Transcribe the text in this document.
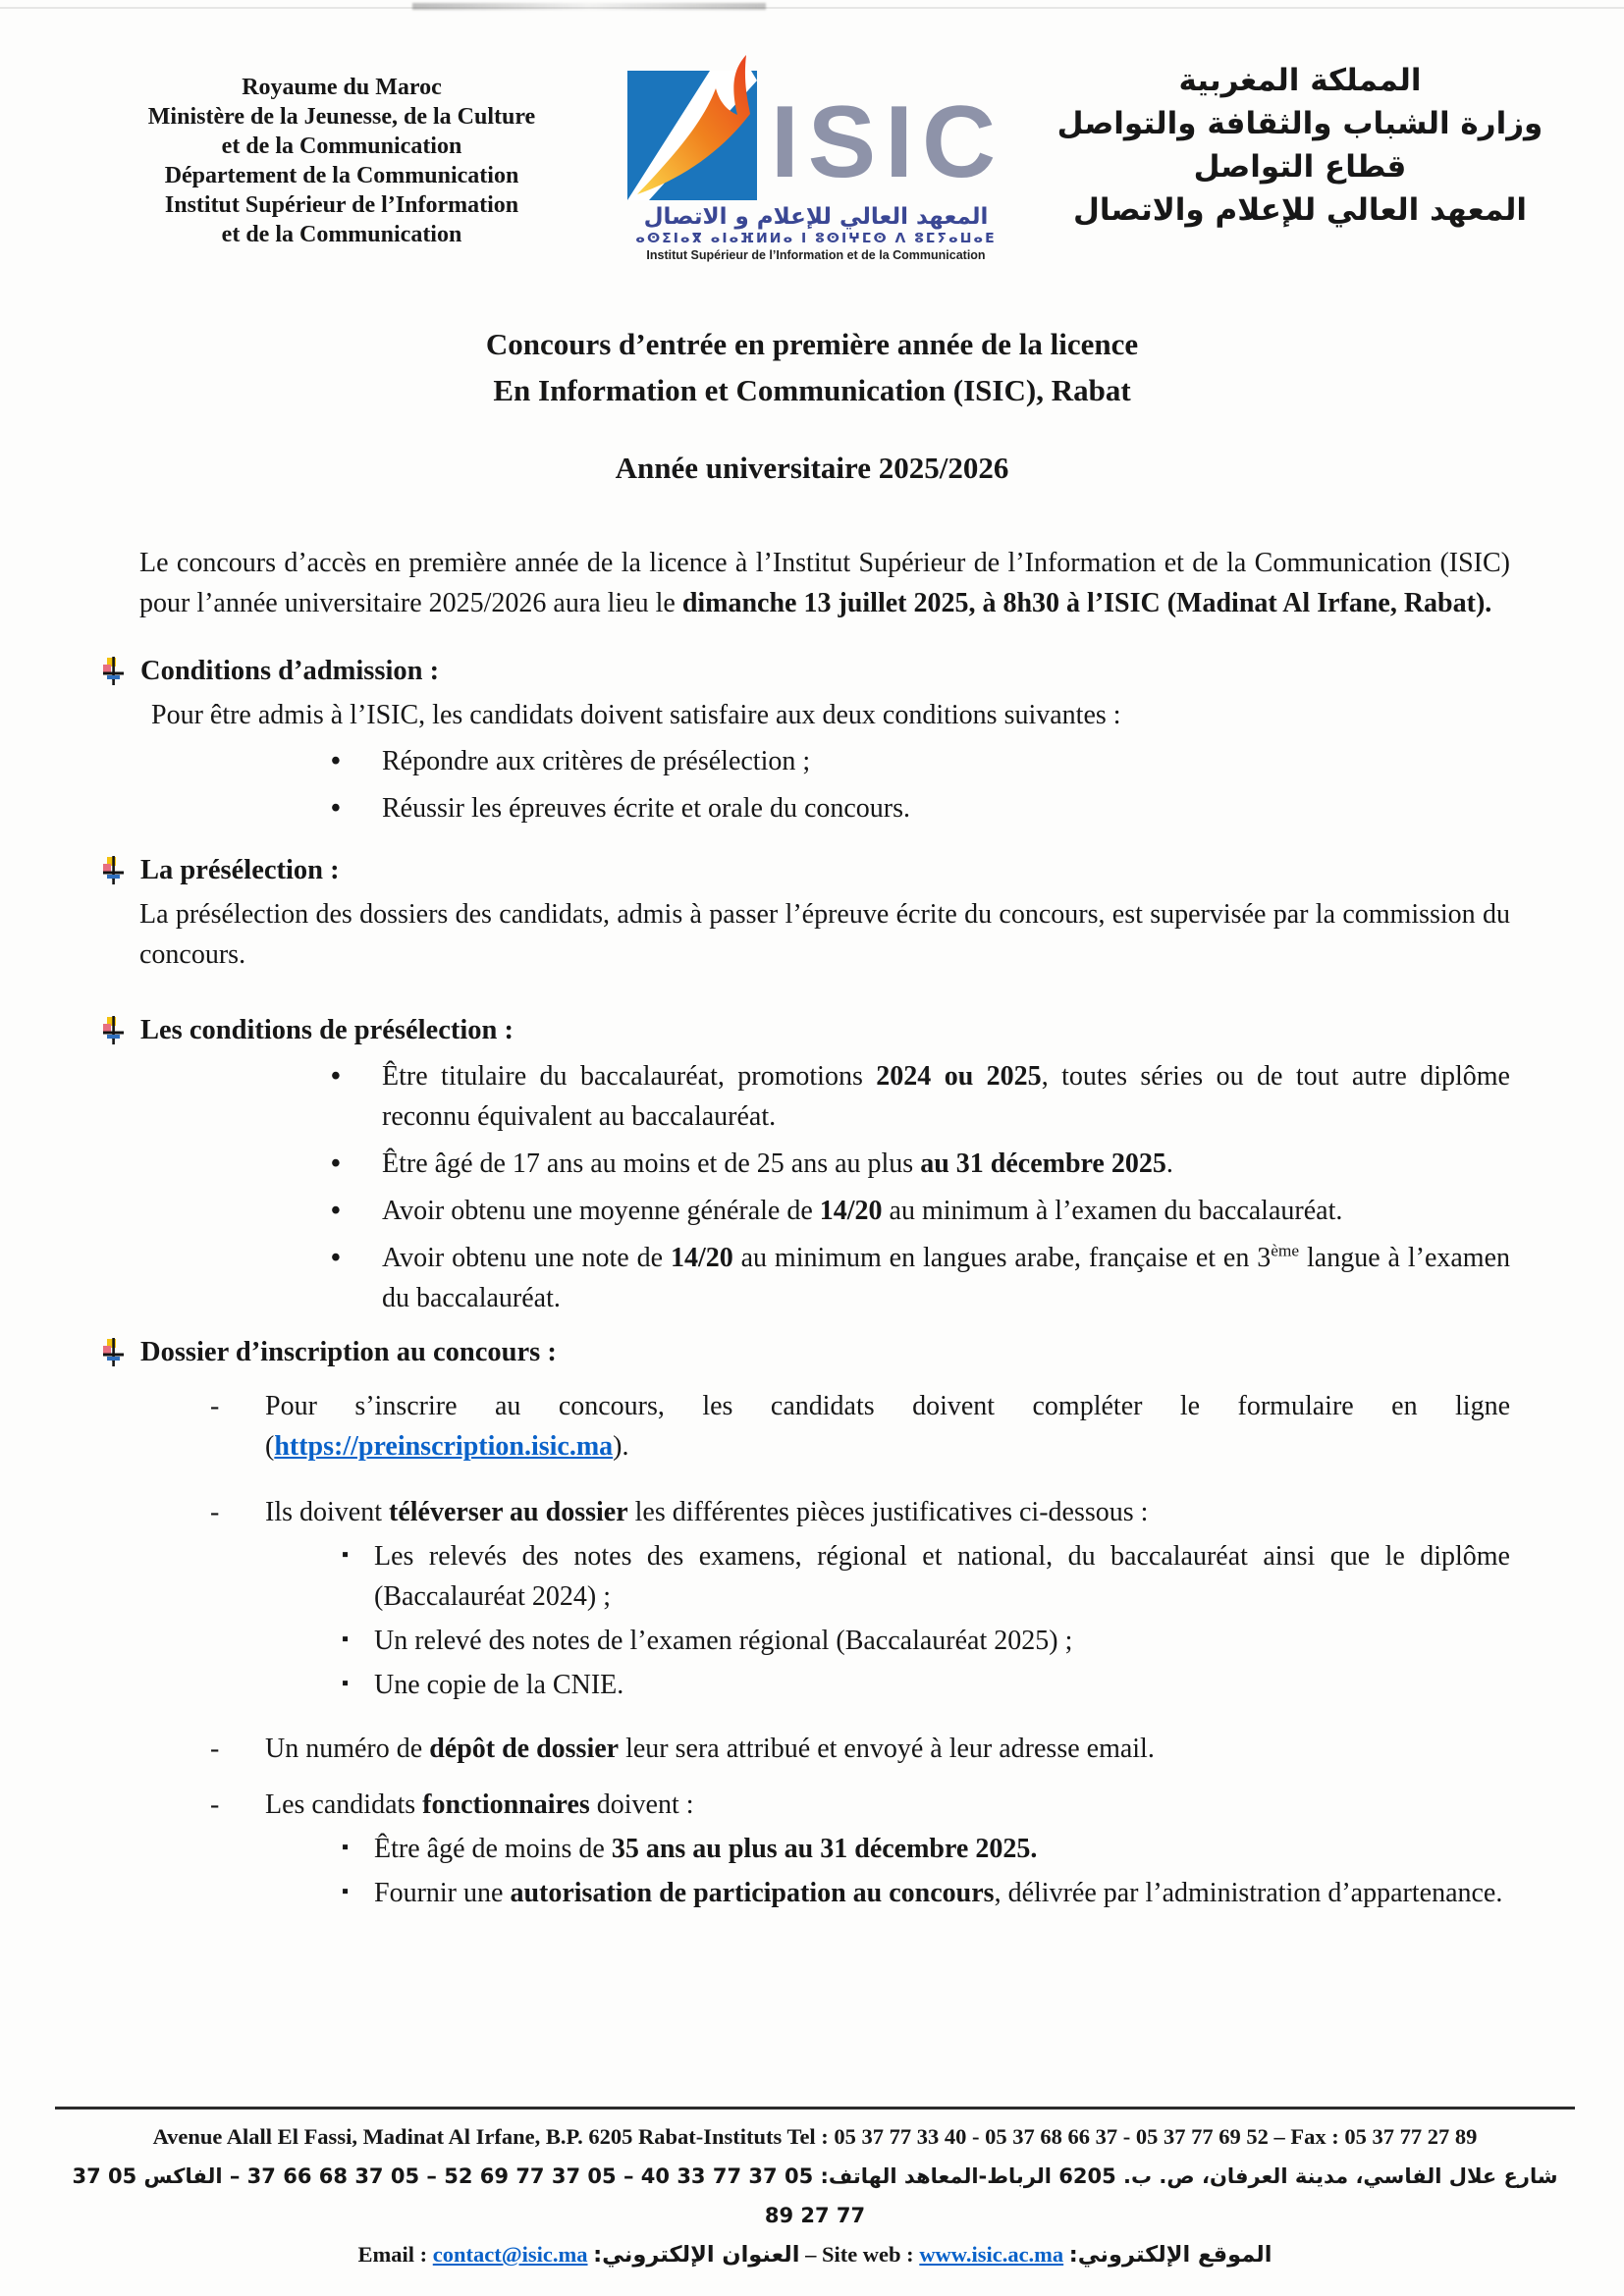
Royaume du Maroc
Ministère de la Jeunesse, de la Culture
et de la Communication
Département de la Communication
Institut Supérieur de l’Information
et de la Communication
ISIC
المعهد العالي للإعلام و الاتصال
ⴰⵙⵉⵏⴰⴳ ⴰⵏⴰⴼⵍⵍⴰ ⵏ ⵓⵙⵏⵖⵎⵙ ⴷ ⵓⵎⵢⴰⵡⴰⴹ
Institut Supérieur de l’Information et de la Communication
المملكة المغربية
وزارة الشباب والثقافة والتواصل
قطاع التواصل
المعهد العالي للإعلام والاتصال
Concours d’entrée en première année de la licence
En Information et Communication (ISIC), Rabat
Année universitaire 2025/2026

Le concours d’accès en première année de la licence à l’Institut Supérieur de l’Information et de la Communication (ISIC) pour l’année universitaire 2025/2026 aura lieu le dimanche 13 juillet 2025, à 8h30 à l’ISIC (Madinat Al Irfane, Rabat).

Conditions d’admission :
Pour être admis à l’ISIC, les candidats doivent satisfaire aux deux conditions suivantes :
• Répondre aux critères de présélection ;
• Réussir les épreuves écrite et orale du concours.
La présélection :

La présélection des dossiers des candidats, admis à passer l’épreuve écrite du concours, est supervisée par la commission du concours.

Les conditions de présélection :
• Être titulaire du baccalauréat, promotions 2024 ou 2025, toutes séries ou de tout autre diplôme reconnu équivalent au baccalauréat.
• Être âgé de 17 ans au moins et de 25 ans au plus au 31 décembre 2025.
• Avoir obtenu une moyenne générale de 14/20 au minimum à l’examen du baccalauréat.
• Avoir obtenu une note de 14/20 au minimum en langues arabe, française et en 3ème langue à l’examen du baccalauréat.
Dossier d’inscription au concours :
- Pour s’inscrire au concours, les candidats doivent compléter le formulaire en ligne (https://preinscription.isic.ma).
- Ils doivent téléverser au dossier les différentes pièces justificatives ci-dessous :
▪ Les relevés des notes des examens, régional et national, du baccalauréat ainsi que le diplôme (Baccalauréat 2024) ;
▪ Un relevé des notes de l’examen régional (Baccalauréat 2025) ;
▪ Une copie de la CNIE.
- Un numéro de dépôt de dossier leur sera attribué et envoyé à leur adresse email.
- Les candidats fonctionnaires doivent :
▪ Être âgé de moins de 35 ans au plus au 31 décembre 2025.
▪ Fournir une autorisation de participation au concours, délivrée par l’administration d’appartenance.
Avenue Alall El Fassi, Madinat Al Irfane, B.P. 6205 Rabat-Instituts Tel : 05 37 77 33 40 - 05 37 68 66 37 - 05 37 77 69 52 – Fax : 05 37 77 27 89
شارع علال الفاسي، مدينة العرفان، ص. ب. 6205 الرباط-المعاهد الهاتف: 05 37 77 33 40 – 05 37 77 69 52 – 05 37 68 66 37 – الفاكس 05 37 77 27 89
Email : contact@isic.ma العنوان الإلكتروني: – Site web : www.isic.ac.ma الموقع الإلكتروني:
